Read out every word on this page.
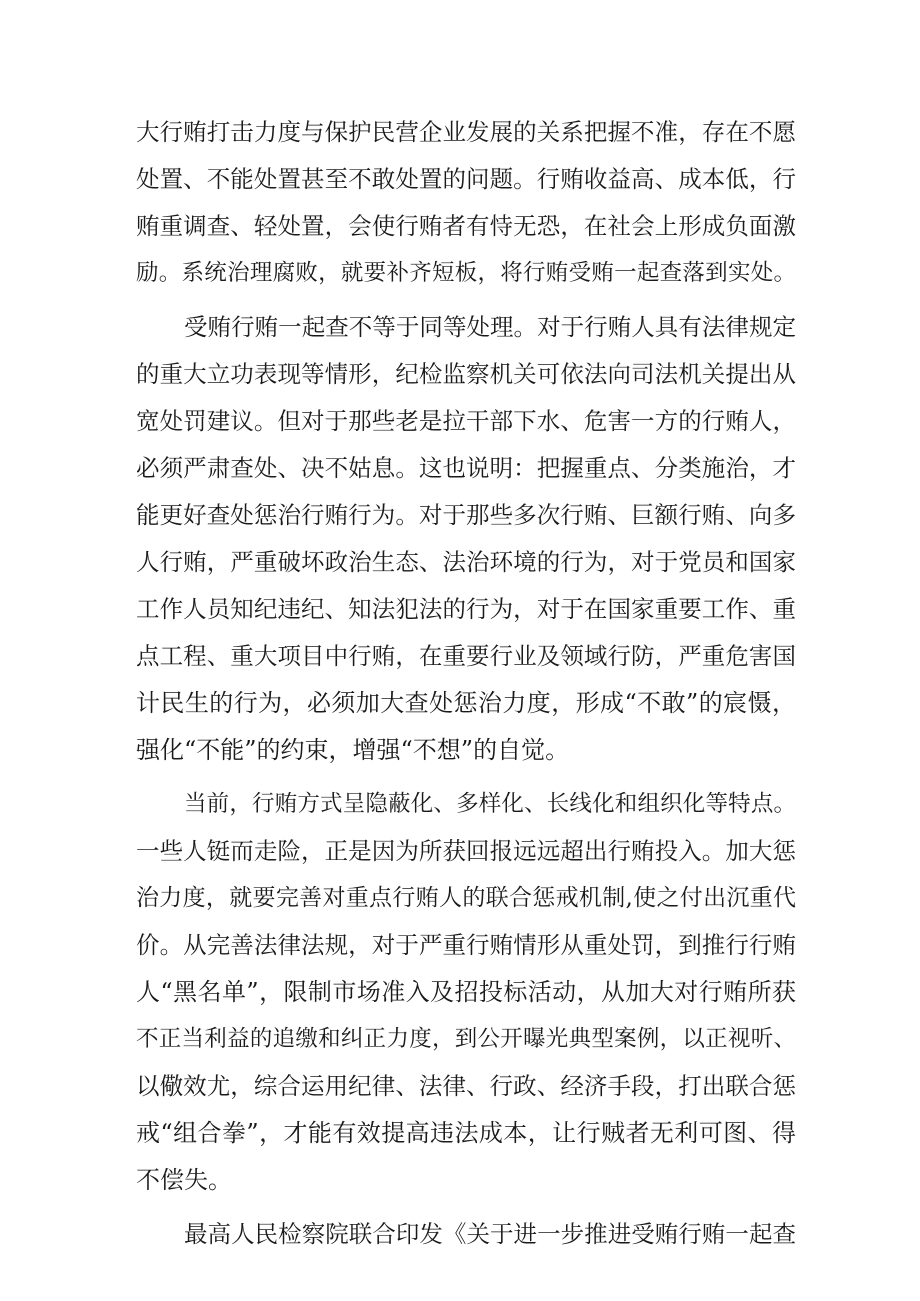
大行贿打击力度与保护民营企业发展的关系把握不准，存在不愿
处置、不能处置甚至不敢处置的问题。行贿收益高、成本低，行
贿重调查、轻处置，会使行贿者有恃无恐，在社会上形成负面激
励。系统治理腐败，就要补齐短板，将行贿受贿一起查落到实处。
受贿行贿一起查不等于同等处理。对于行贿人具有法律规定
的重大立功表现等情形，纪检监察机关可依法向司法机关提出从
宽处罚建议。但对于那些老是拉干部下水、危害一方的行贿人，
必须严肃查处、决不姑息。这也说明：把握重点、分类施治，才
能更好查处惩治行贿行为。对于那些多次行贿、巨额行贿、向多
人行贿，严重破坏政治生态、法治环境的行为，对于党员和国家
工作人员知纪违纪、知法犯法的行为，对于在国家重要工作、重
点工程、重大项目中行贿，在重要行业及领域行防，严重危害国
计民生的行为，必须加大查处惩治力度，形成“不敢”的宸慑，
强化“不能”的约束，增强“不想”的自觉。
当前，行贿方式呈隐蔽化、多样化、长线化和组织化等特点。
一些人铤而走险，正是因为所获回报远远超出行贿投入。加大惩
治力度，就要完善对重点行贿人的联合惩戒机制,使之付出沉重代
价。从完善法律法规，对于严重行贿情形从重处罚，到推行行贿
人“黑名单”，限制市场准入及招投标活动，从加大对行贿所获
不正当利益的追缴和纠正力度，到公开曝光典型案例，以正视听、
以儆效尤，综合运用纪律、法律、行政、经济手段，打出联合惩
戒“组合拳”，才能有效提高违法成本，让行贼者无利可图、得
不偿失。
最高人民检察院联合印发《关于进一步推进受贿行贿一起查
